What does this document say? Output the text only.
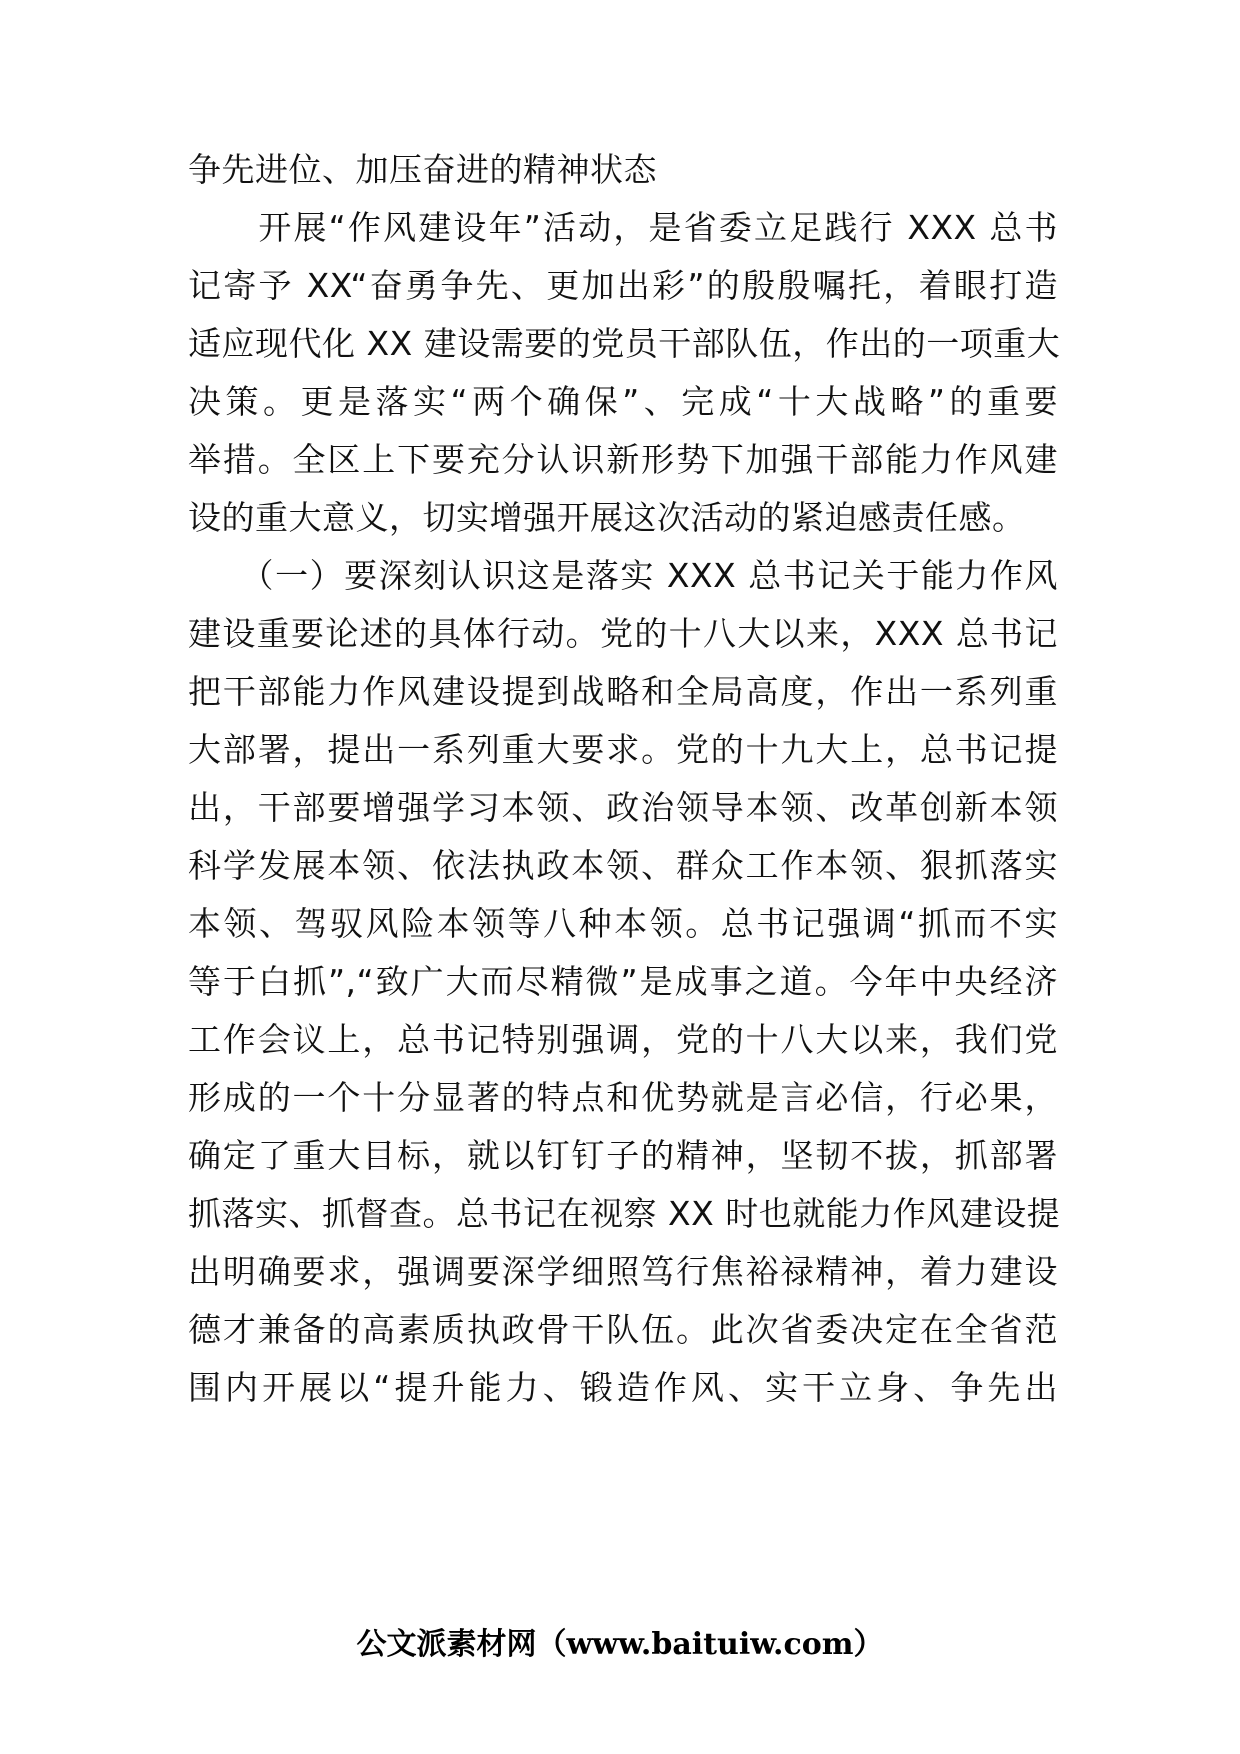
争先进位、加压奋进的精神状态
　　开展“作风建设年”活动，是省委立足践行 XXX 总书
记寄予 XX“奋勇争先、更加出彩”的殷殷嘱托，着眼打造
适应现代化 XX 建设需要的党员干部队伍，作出的一项重大
决策。更是落实“两个确保”、完成“十大战略”的重要
举措。全区上下要充分认识新形势下加强干部能力作风建
设的重大意义，切实增强开展这次活动的紧迫感责任感。
　　（一）要深刻认识这是落实 XXX 总书记关于能力作风
建设重要论述的具体行动。党的十八大以来，XXX 总书记
把干部能力作风建设提到战略和全局高度，作出一系列重
大部署，提出一系列重大要求。党的十九大上，总书记提
出，干部要增强学习本领、政治领导本领、改革创新本领
科学发展本领、依法执政本领、群众工作本领、狠抓落实
本领、驾驭风险本领等八种本领。总书记强调“抓而不实
等于白抓”,“致广大而尽精微”是成事之道。今年中央经济
工作会议上，总书记特别强调，党的十八大以来，我们党
形成的一个十分显著的特点和优势就是言必信，行必果，
确定了重大目标，就以钉钉子的精神，坚韧不拔，抓部署
抓落实、抓督查。总书记在视察 XX 时也就能力作风建设提
出明确要求，强调要深学细照笃行焦裕禄精神，着力建设
德才兼备的高素质执政骨干队伍。此次省委决定在全省范
围内开展以“提升能力、锻造作风、实干立身、争先出
公文派素材网（www.baituiw.com）
